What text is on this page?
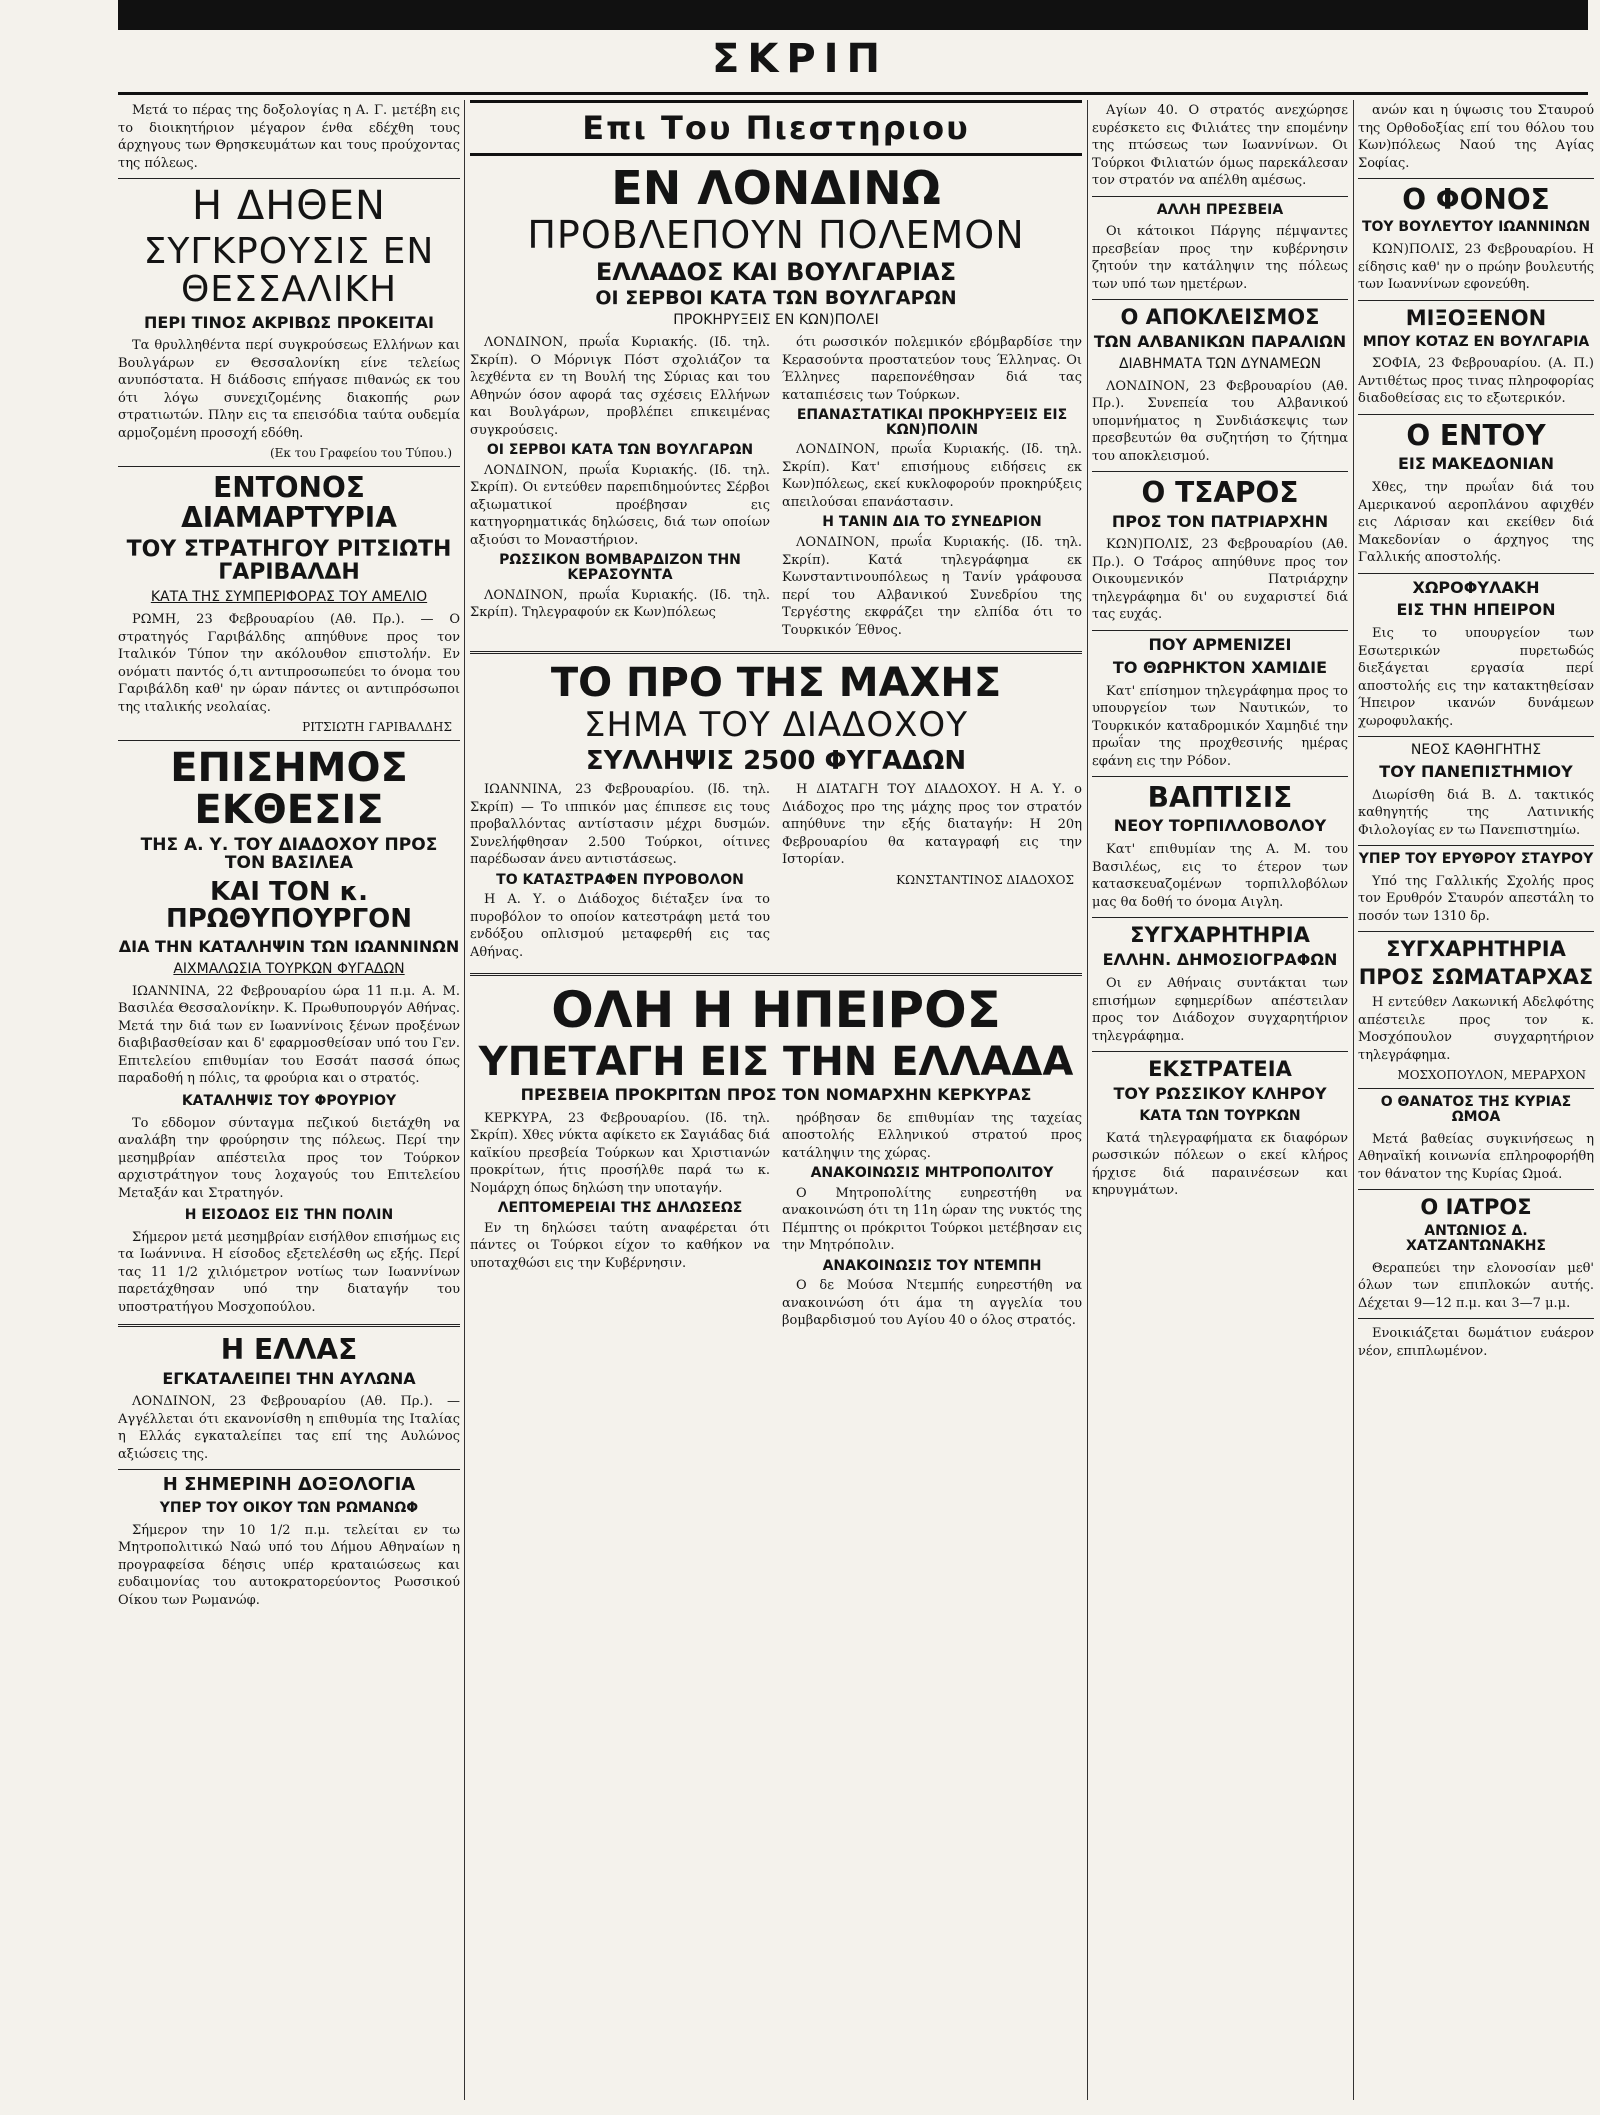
ΣΚΡΙΠ

Μετά το πέρας της δοξολογίας η Α. Γ. μετέβη εις το διοικητήριον μέγαρον ένθα εδέχθη τους άρχηγους των Θρησκευμάτων και τους προύχοντας της πόλεως.

Η ΔΗΘΕΝ
ΣΥΓΚΡΟΥΣΙΣ ΕΝ ΘΕΣΣΑΛΙΚΗ
ΠΕΡΙ ΤΙΝΟΣ ΑΚΡΙΒΩΣ ΠΡΟΚΕΙΤΑΙ

Τα θρυλληθέντα περί συγκρούσεως Ελλήνων και Βουλγάρων εν Θεσσαλονίκη είνε τελείως ανυπόστατα. Η διάδοσις επήγασε πιθανώς εκ του ότι λόγω συνεχιζομένης διακοπής ρων στρατιωτών. Πλην εις τα επεισόδια ταύτα ουδεμία αρμοζομένη προσοχή εδόθη.

(Εκ του Γραφείου του Τύπου.)

ΕΝΤΟΝΟΣ ΔΙΑΜΑΡΤΥΡΙΑ
ΤΟΥ ΣΤΡΑΤΗΓΟΥ ΡΙΤΣΙΩΤΗ ΓΑΡΙΒΑΛΔΗ
ΚΑΤΑ ΤΗΣ ΣΥΜΠΕΡΙΦΟΡΑΣ ΤΟΥ ΑΜΕΛΙΟ

ΡΩΜΗ, 23 Φεβρουαρίου (Αθ. Πρ.). — Ο στρατηγός Γαριβάλδης απηύθυνε προς τον Ιταλικόν Τύπον την ακόλουθον επιστολήν. Εν ονόματι παντός ό,τι αντιπροσωπεύει το όνομα του Γαριβάλδη καθ' ην ώραν πάντες οι αντιπρόσωποι της ιταλικής νεολαίας.

ΡΙΤΣΙΩΤΗ ΓΑΡΙΒΑΛΔΗΣ

ΕΠΙΣΗΜΟΣ ΕΚΘΕΣΙΣ
ΤΗΣ Α. Υ. ΤΟΥ ΔΙΑΔΟΧΟΥ ΠΡΟΣ ΤΟΝ ΒΑΣΙΛΕΑ
ΚΑΙ ΤΟΝ κ. ΠΡΩΘΥΠΟΥΡΓΟΝ
ΔΙΑ ΤΗΝ ΚΑΤΑΛΗΨΙΝ ΤΩΝ ΙΩΑΝΝΙΝΩΝ
ΑΙΧΜΑΛΩΣΙΑ ΤΟΥΡΚΩΝ ΦΥΓΑΔΩΝ

ΙΩΑΝΝΙΝΑ, 22 Φεβρουαρίου ώρα 11 π.μ. Α. Μ. Βασιλέα Θεσσαλονίκην. Κ. Πρωθυπουργόν Αθήνας. Μετά την διά των εν Ιωαννίνοις ξένων προξένων διαβιβασθείσαν και δ' εφαρμοσθείσαν υπό του Γεν. Επιτελείου επιθυμίαν του Εσσάτ πασσά όπως παραδοθή η πόλις, τα φρούρια και ο στρατός.

ΚΑΤΑΛΗΨΙΣ ΤΟΥ ΦΡΟΥΡΙΟΥ

Το εδδομον σύνταγμα πεζικού διετάχθη να αναλάβη την φρούρησιν της πόλεως. Περί την μεσημβρίαν απέστειλα προς τον Τούρκον αρχιστράτηγον τους λοχαγούς του Επιτελείου Μεταξάν και Στρατηγόν.

Η ΕΙΣΟΔΟΣ ΕΙΣ ΤΗΝ ΠΟΛΙΝ

Σήμερον μετά μεσημβρίαν εισήλθον επισήμως εις τα Ιωάννινα. Η είσοδος εξετελέσθη ως εξής. Περί τας 11 1/2 χιλιόμετρον νοτίως των Ιωαννίνων παρετάχθησαν υπό την διαταγήν του υποστρατήγου Μοσχοπούλου.

Η ΕΛΛΑΣ
ΕΓΚΑΤΑΛΕΙΠΕΙ ΤΗΝ ΑΥΛΩΝΑ

ΛΟΝΔΙΝΟΝ, 23 Φεβρουαρίου (Αθ. Πρ.). — Αγγέλλεται ότι εκανονίσθη η επιθυμία της Ιταλίας η Ελλάς εγκαταλείπει τας επί της Αυλώνος αξιώσεις της.

Η ΣΗΜΕΡΙΝΗ ΔΟΞΟΛΟΓΙΑ
ΥΠΕΡ ΤΟΥ ΟΙΚΟΥ ΤΩΝ ΡΩΜΑΝΩΦ

Σήμερον την 10 1/2 π.μ. τελείται εν τω Μητροπολιτικώ Ναώ υπό του Δήμου Αθηναίων η προγραφείσα δέησις υπέρ κραταιώσεως και ευδαιμονίας του αυτοκρατορεύοντος Ρωσσικού Οίκου των Ρωμανώφ.

Επι Του Πιεστηριου
ΕΝ ΛΟΝΔΙΝΩ
ΠΡΟΒΛΕΠΟΥΝ ΠΟΛΕΜΟΝ
ΕΛΛΑΔΟΣ ΚΑΙ ΒΟΥΛΓΑΡΙΑΣ
ΟΙ ΣΕΡΒΟΙ ΚΑΤΑ ΤΩΝ ΒΟΥΛΓΑΡΩΝ
ΠΡΟΚΗΡΥΞΕΙΣ ΕΝ ΚΩΝ)ΠΟΛΕΙ

ΛΟΝΔΙΝΟΝ, πρωΐα Κυριακής. (Ιδ. τηλ. Σκρίπ). Ο Μόρνιγκ Πόστ σχολιάζον τα λεχθέντα εν τη Βουλή της Σύριας και του Αθηνών όσον αφορά τας σχέσεις Ελλήνων και Βουλγάρων, προβλέπει επικειμένας συγκρούσεις.

ΟΙ ΣΕΡΒΟΙ ΚΑΤΑ ΤΩΝ ΒΟΥΛΓΑΡΩΝ

ΛΟΝΔΙΝΟΝ, πρωΐα Κυριακής. (Ιδ. τηλ. Σκρίπ). Οι εντεύθεν παρεπιδημούντες Σέρβοι αξιωματικοί προέβησαν εις κατηγορηματικάς δηλώσεις, διά των οποίων αξιούσι το Μοναστήριον.

ΡΩΣΣΙΚΟΝ ΒΟΜΒΑΡΔΙΖΟΝ ΤΗΝ ΚΕΡΑΣΟΥΝΤΑ

ΛΟΝΔΙΝΟΝ, πρωΐα Κυριακής. (Ιδ. τηλ. Σκρίπ). Τηλεγραφούν εκ Κων)πόλεως

ότι ρωσσικόν πολεμικόν εβόμβαρδίσε την Κερασούντα προστατεύον τους Έλληνας. Οι Έλληνες παρεπονέθησαν διά τας καταπιέσεις των Τούρκων.

ΕΠΑΝΑΣΤΑΤΙΚΑΙ ΠΡΟΚΗΡΥΞΕΙΣ ΕΙΣ ΚΩΝ)ΠΟΛΙΝ

ΛΟΝΔΙΝΟΝ, πρωΐα Κυριακής. (Ιδ. τηλ. Σκρίπ). Κατ' επισήμους ειδήσεις εκ Κων)πόλεως, εκεί κυκλοφορούν προκηρύξεις απειλούσαι επανάστασιν.

Η ΤΑΝΙΝ ΔΙΑ ΤΟ ΣΥΝΕΔΡΙΟΝ

ΛΟΝΔΙΝΟΝ, πρωΐα Κυριακής. (Ιδ. τηλ. Σκρίπ). Κατά τηλεγράφημα εκ Κωνσταντινουπόλεως η Τανίν γράφουσα περί του Αλβανικού Συνεδρίου της Τεργέστης εκφράζει την ελπίδα ότι το Τουρκικόν Έθνος.

ΤΟ ΠΡΟ ΤΗΣ ΜΑΧΗΣ
ΣΗΜΑ ΤΟΥ ΔΙΑΔΟΧΟΥ
ΣΥΛΛΗΨΙΣ 2500 ΦΥΓΑΔΩΝ

ΙΩΑΝΝΙΝΑ, 23 Φεβρουαρίου. (Ιδ. τηλ. Σκρίπ) — Το ιππικόν μας έπιπεσε εις τους προβαλλόντας αντίστασιν μέχρι δυσμών. Συνελήφθησαν 2.500 Τούρκοι, οίτινες παρέδωσαν άνευ αντιστάσεως.

ΤΟ ΚΑΤΑΣΤΡΑΦΕΝ ΠΥΡΟΒΟΛΟΝ

Η Α. Υ. ο Διάδοχος διέταξεν ίνα το πυροβόλον το οποίον κατεστράφη μετά του ενδόξου οπλισμού μεταφερθή εις τας Αθήνας.

Η ΔΙΑΤΑΓΗ ΤΟΥ ΔΙΑΔΟΧΟΥ. Η Α. Υ. ο Διάδοχος προ της μάχης προς τον στρατόν απηύθυνε την εξής διαταγήν: Η 20η Φεβρουαρίου θα καταγραφή εις την Ιστορίαν.

ΚΩΝΣΤΑΝΤΙΝΟΣ ΔΙΑΔΟΧΟΣ

ΟΛΗ Η ΗΠΕΙΡΟΣ
ΥΠΕΤΑΓΗ ΕΙΣ ΤΗΝ ΕΛΛΑΔΑ
ΠΡΕΣΒΕΙΑ ΠΡΟΚΡΙΤΩΝ ΠΡΟΣ ΤΟΝ ΝΟΜΑΡΧΗΝ ΚΕΡΚΥΡΑΣ

ΚΕΡΚΥΡΑ, 23 Φεβρουαρίου. (Ιδ. τηλ. Σκρίπ). Χθες νύκτα αφίκετο εκ Σαγιάδας διά καϊκίου πρεσβεία Τούρκων και Χριστιανών προκρίτων, ήτις προσήλθε παρά τω κ. Νομάρχη όπως δηλώση την υποταγήν.

ΛΕΠΤΟΜΕΡΕΙΑΙ ΤΗΣ ΔΗΛΩΣΕΩΣ

Εν τη δηλώσει ταύτη αναφέρεται ότι πάντες οι Τούρκοι είχον το καθήκον να υποταχθώσι εις την Κυβέρνησιν.

ηρόβησαν δε επιθυμίαν της ταχείας αποστολής Ελληνικού στρατού προς κατάληψιν της χώρας.

ΑΝΑΚΟΙΝΩΣΙΣ ΜΗΤΡΟΠΟΛΙΤΟΥ

Ο Μητροπολίτης ευηρεστήθη να ανακοινώση ότι τη 11η ώραν της νυκτός της Πέμπτης οι πρόκριτοι Τούρκοι μετέβησαν εις την Μητρόπολιν.

ΑΝΑΚΟΙΝΩΣΙΣ ΤΟΥ ΝΤΕΜΠΗ

Ο δε Μούσα Ντεμπής ευηρεστήθη να ανακοινώση ότι άμα τη αγγελία του βομβαρδισμού του Αγίου 40 ο όλος στρατός.

Αγίων 40. Ο στρατός ανεχώρησε ευρέσκετο εις Φιλιάτες την επομένην της πτώσεως των Ιωαννίνων. Οι Τούρκοι Φιλιατών όμως παρεκάλεσαν τον στρατόν να απέλθη αμέσως.

ΑΛΛΗ ΠΡΕΣΒΕΙΑ

Οι κάτοικοι Πάργης πέμψαντες πρεσβείαν προς την κυβέρνησιν ζητούν την κατάληψιν της πόλεως των υπό των ημετέρων.

Ο ΑΠΟΚΛΕΙΣΜΟΣ
ΤΩΝ ΑΛΒΑΝΙΚΩΝ ΠΑΡΑΛΙΩΝ
ΔΙΑΒΗΜΑΤΑ ΤΩΝ ΔΥΝΑΜΕΩΝ

ΛΟΝΔΙΝΟΝ, 23 Φεβρουαρίου (Αθ. Πρ.). Συνεπεία του Αλβανικού υπομνήματος η Συνδιάσκεψις των πρεσβευτών θα συζητήση το ζήτημα του αποκλεισμού.

Ο ΤΣΑΡΟΣ
ΠΡΟΣ ΤΟΝ ΠΑΤΡΙΑΡΧΗΝ

ΚΩΝ)ΠΟΛΙΣ, 23 Φεβρουαρίου (Αθ. Πρ.). Ο Τσάρος απηύθυνε προς τον Οικουμενικόν Πατριάρχην τηλεγράφημα δι' ου ευχαριστεί διά τας ευχάς.

ΠΟΥ ΑΡΜΕΝΙΖΕΙ
ΤΟ ΘΩΡΗΚΤΟΝ ΧΑΜΙΔΙΕ

Κατ' επίσημον τηλεγράφημα προς το υπουργείον των Ναυτικών, το Τουρκικόν καταδρομικόν Χαμηδιέ την πρωΐαν της προχθεσινής ημέρας εφάνη εις την Ρόδον.

ΒΑΠΤΙΣΙΣ
ΝΕΟΥ ΤΟΡΠΙΛΛΟΒΟΛΟΥ

Κατ' επιθυμίαν της Α. Μ. του Βασιλέως, εις το έτερον των κατασκευαζομένων τορπιλλοβόλων μας θα δοθή το όνομα Αιγλη.

ΣΥΓΧΑΡΗΤΗΡΙΑ
ΕΛΛΗΝ. ΔΗΜΟΣΙΟΓΡΑΦΩΝ

Οι εν Αθήναις συντάκται των επισήμων εφημερίδων απέστειλαν προς τον Διάδοχον συγχαρητήριον τηλεγράφημα.

ΕΚΣΤΡΑΤΕΙΑ
ΤΟΥ ΡΩΣΣΙΚΟΥ ΚΛΗΡΟΥ
ΚΑΤΑ ΤΩΝ ΤΟΥΡΚΩΝ

Κατά τηλεγραφήματα εκ διαφόρων ρωσσικών πόλεων ο εκεί κλήρος ήρχισε διά παραινέσεων και κηρυγμάτων.

ανών και η ύψωσις του Σταυρού της Ορθοδοξίας επί του θόλου του Κων)πόλεως Ναού της Αγίας Σοφίας.

Ο ΦΟΝΟΣ
ΤΟΥ ΒΟΥΛΕΥΤΟΥ ΙΩΑΝΝΙΝΩΝ

ΚΩΝ)ΠΟΛΙΣ, 23 Φεβρουαρίου. Η είδησις καθ' ην ο πρώην βουλευτής των Ιωαννίνων εφονεύθη.

ΜΙΞΟΞΕΝΟΝ
ΜΠΟΥ ΚΟΤΑΖ ΕΝ ΒΟΥΛΓΑΡΙΑ

ΣΟΦΙΑ, 23 Φεβρουαρίου. (Α. Π.) Αντιθέτως προς τινας πληροφορίας διαδοθείσας εις το εξωτερικόν.

Ο ΕΝΤΟΥ
ΕΙΣ ΜΑΚΕΔΟΝΙΑΝ

Χθες, την πρωΐαν διά του Αμερικανού αεροπλάνου αφιχθέν εις Λάρισαν και εκείθεν διά Μακεδονίαν ο άρχηγος της Γαλλικής αποστολής.

ΧΩΡΟΦΥΛΑΚΗ
ΕΙΣ ΤΗΝ ΗΠΕΙΡΟΝ

Εις το υπουργείον των Εσωτερικών πυρετωδώς διεξάγεται εργασία περί αποστολής εις την κατακτηθείσαν Ήπειρον ικανών δυνάμεων χωροφυλακής.

ΝΕΟΣ ΚΑΘΗΓΗΤΗΣ
ΤΟΥ ΠΑΝΕΠΙΣΤΗΜΙΟΥ

Διωρίσθη διά Β. Δ. τακτικός καθηγητής της Λατινικής Φιλολογίας εν τω Πανεπιστημίω.

ΥΠΕΡ ΤΟΥ ΕΡΥΘΡΟΥ ΣΤΑΥΡΟΥ

Υπό της Γαλλικής Σχολής προς τον Ερυθρόν Σταυρόν απεστάλη το ποσόν των 1310 δρ.

ΣΥΓΧΑΡΗΤΗΡΙΑ
ΠΡΟΣ ΣΩΜΑΤΑΡΧΑΣ

Η εντεύθεν Λακωνική Αδελφότης απέστειλε προς τον κ. Μοσχόπουλον συγχαρητήριον τηλεγράφημα.

ΜΟΣΧΟΠΟΥΛΟΝ, ΜΕΡΑΡΧΟΝ

Ο ΘΑΝΑΤΟΣ ΤΗΣ ΚΥΡΙΑΣ ΩΜΟΑ

Μετά βαθείας συγκινήσεως η Αθηναϊκή κοινωνία επληροφορήθη τον θάνατον της Κυρίας Ωμοά.

Ο ΙΑΤΡΟΣ
ΑΝΤΩΝΙΟΣ Δ. ΧΑΤΖΑΝΤΩΝΑΚΗΣ

Θεραπεύει την ελονοσίαν μεθ' όλων των επιπλοκών αυτής. Δέχεται 9—12 π.μ. και 3—7 μ.μ.

Ενοικιάζεται δωμάτιον ευάερον νέον, επιπλωμένον.
